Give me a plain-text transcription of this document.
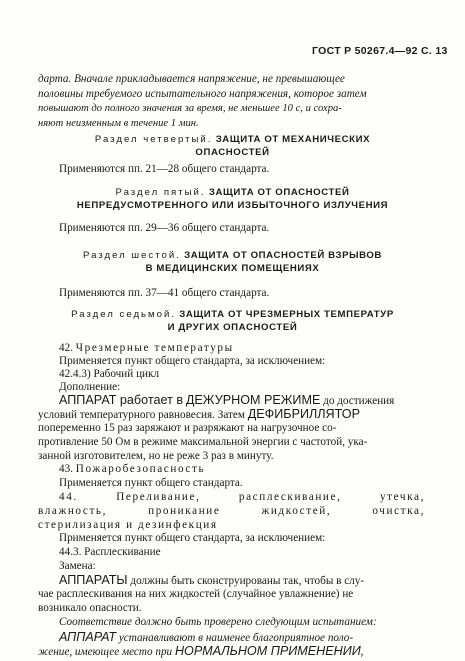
ГОСТ Р 50267.4—92 С. 13
дарта. Вначале прикладывается напряжение, не превышающее
половины требуемого испытательного напряжения, которое затем
повышают до полного значения за время, не меньшее 10 с, и сохра-
няют неизменным в течение 1 мин.
Раздел четвертый. ЗАЩИТА ОТ МЕХАНИЧЕСКИХ
ОПАСНОСТЕЙ
Применяются пп. 21—28 общего стандарта.
Раздел пятый. ЗАЩИТА ОТ ОПАСНОСТЕЙ
НЕПРЕДУСМОТРЕННОГО ИЛИ ИЗБЫТОЧНОГО ИЗЛУЧЕНИЯ
Применяются пп. 29—36 общего стандарта.
Раздел шестой. ЗАЩИТА ОТ ОПАСНОСТЕЙ ВЗРЫВОВ
В МЕДИЦИНСКИХ ПОМЕЩЕНИЯХ
Применяются пп. 37—41 общего стандарта.
Раздел седьмой. ЗАЩИТА ОТ ЧРЕЗМЕРНЫХ ТЕМПЕРАТУР
И ДРУГИХ ОПАСНОСТЕЙ
42. Чрезмерные температуры
Применяется пункт общего стандарта, за исключением:
42.4.3) Рабочий цикл
Дополнение:
АППАРАТ работает в ДЕЖУРНОМ РЕЖИМЕ до достижения
условий температурного равновесия. Затем ДЕФИБРИЛЛЯТОР
попеременно 15 раз заряжают и разряжают на нагрузочное со-
противление 50 Ом в режиме максимальной энергии с частотой, ука-
занной изготовителем, но не реже 3 раз в минуту.
43. Пожаробезопасность
Применяется пункт общего стандарта.
44.	Переливание,	расплескивание,	утечка,
влажность,	проникание	жидкостей,	очистка,
стерилизация и дезинфекция
Применяется пункт общего стандарта, за исключением:
44.3. Расплескивание
Замена:
АППАРАТЫ должны быть сконструированы так, чтобы в слу-
чае расплескивания на них жидкостей (случайное увлажнение) не
возникало опасности.
Соответствие должно быть проверено следующим испытанием:
АППАРАТ устанавливают в наименее благоприятное поло-
жение, имеющее место при НОРМАЛЬНОМ ПРИМЕНЕНИИ,
